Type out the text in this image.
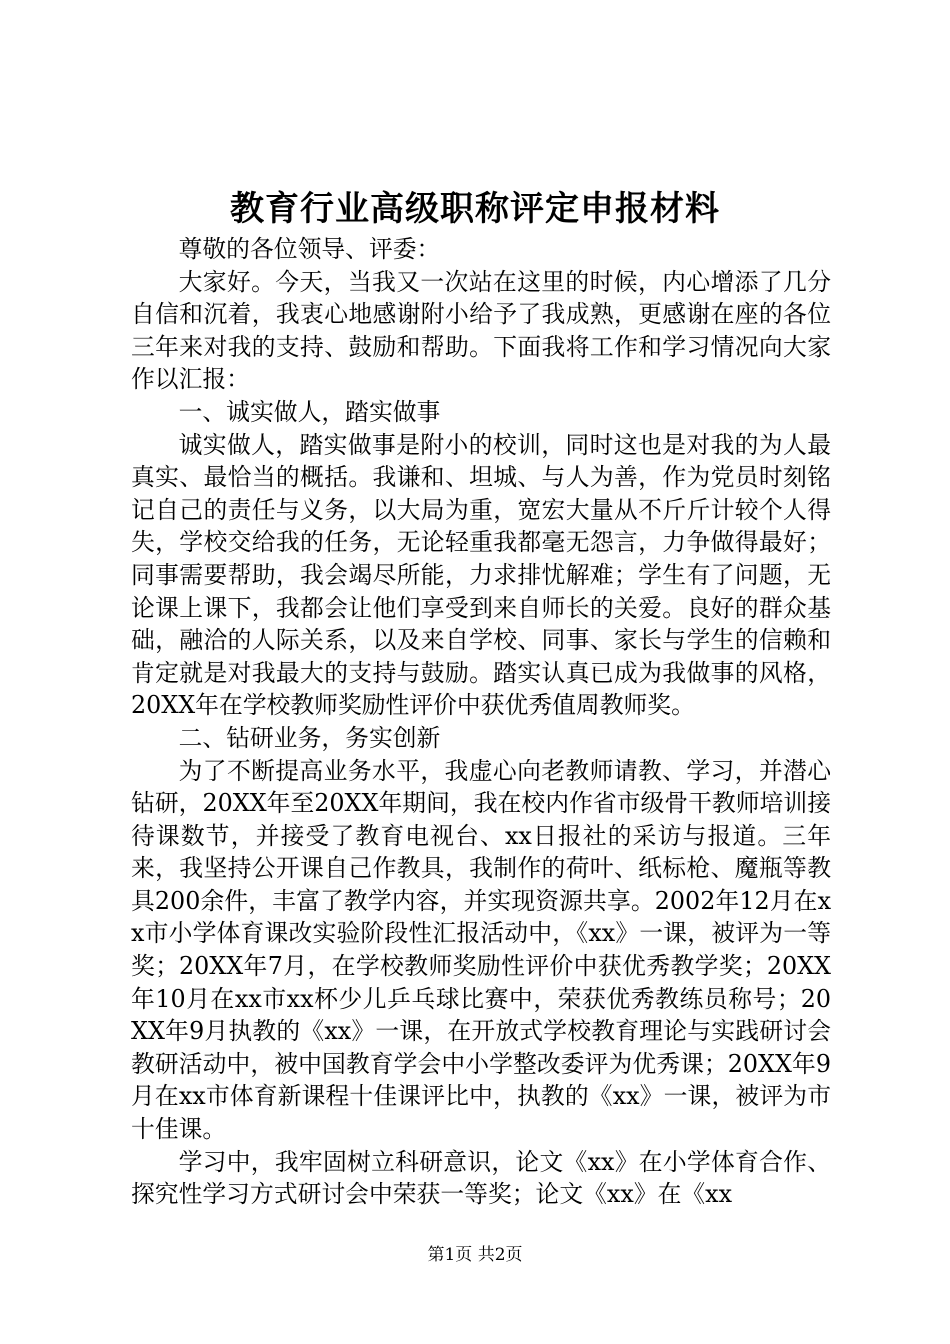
教育行业高级职称评定申报材料

尊敬的各位领导、评委：

大家好。今天，当我又一次站在这里的时候，内心增添了几分自信和沉着，我衷心地感谢附小给予了我成熟，更感谢在座的各位三年来对我的支持、鼓励和帮助。下面我将工作和学习情况向大家作以汇报：

一、诚实做人，踏实做事

诚实做人，踏实做事是附小的校训，同时这也是对我的为人最真实、最恰当的概括。我谦和、坦城、与人为善，作为党员时刻铭记自己的责任与义务，以大局为重，宽宏大量从不斤斤计较个人得失，学校交给我的任务，无论轻重我都毫无怨言，力争做得最好；同事需要帮助，我会竭尽所能，力求排忧解难；学生有了问题，无论课上课下，我都会让他们享受到来自师长的关爱。良好的群众基础，融洽的人际关系，以及来自学校、同事、家长与学生的信赖和肯定就是对我最大的支持与鼓励。踏实认真已成为我做事的风格，20XX年在学校教师奖励性评价中获优秀值周教师奖。

二、钻研业务，务实创新

为了不断提高业务水平，我虚心向老教师请教、学习，并潜心钻研，20XX年至20XX年期间，我在校内作省市级骨干教师培训接待课数节，并接受了教育电视台、xx日报社的采访与报道。三年来，我坚持公开课自己作教具，我制作的荷叶、纸标枪、魔瓶等教具200余件，丰富了教学内容，并实现资源共享。2002年12月在xx市小学体育课改实验阶段性汇报活动中，《xx》一课，被评为一等奖；20XX年7月，在学校教师奖励性评价中获优秀教学奖；20XX年10月在xx市xx杯少儿乒乓球比赛中，荣获优秀教练员称号；20XX年9月执教的《xx》一课，在开放式学校教育理论与实践研讨会教研活动中，被中国教育学会中小学整改委评为优秀课；20XX年9月在xx市体育新课程十佳课评比中，执教的《xx》一课，被评为市十佳课。

学习中，我牢固树立科研意识，论文《xx》在小学体育合作、探究性学习方式研讨会中荣获一等奖；论文《xx》在《xx

第1页 共2页
